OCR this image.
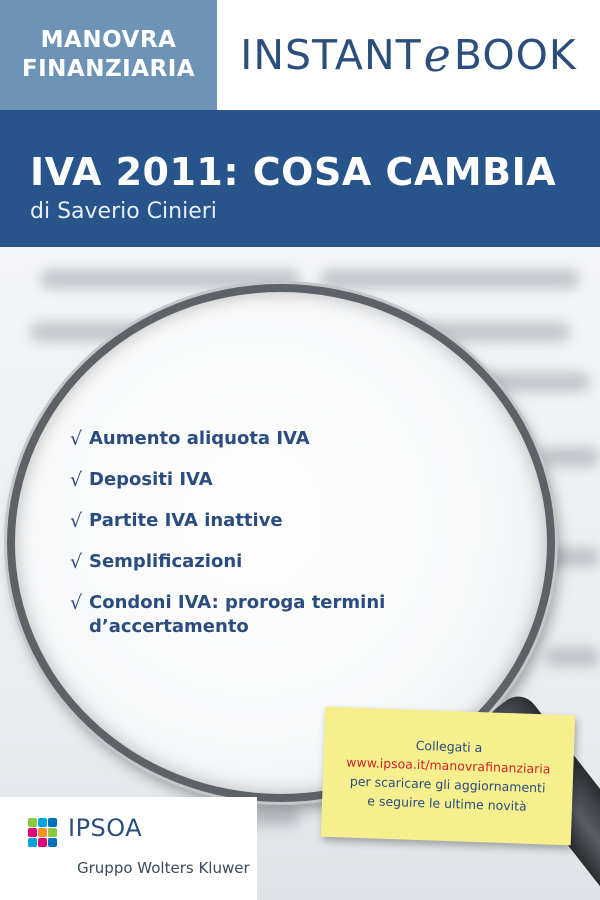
MANOVRA
FINANZIARIA INSTANT e BOOK
IVA 2011: COSA CAMBIA
di Saverio Cinieri
√ Aumento aliquota IVA
√ Depositi IVA
√ Partite IVA inattive
√ Semplificazioni
√ Condoni IVA: proroga termini
d’accertamento
Collegati a
www.ipsoa.it/manovrafinanziaria
per scaricare gli aggiornamenti
e seguire le ultime novità
IPSOA
Gruppo Wolters Kluwer
